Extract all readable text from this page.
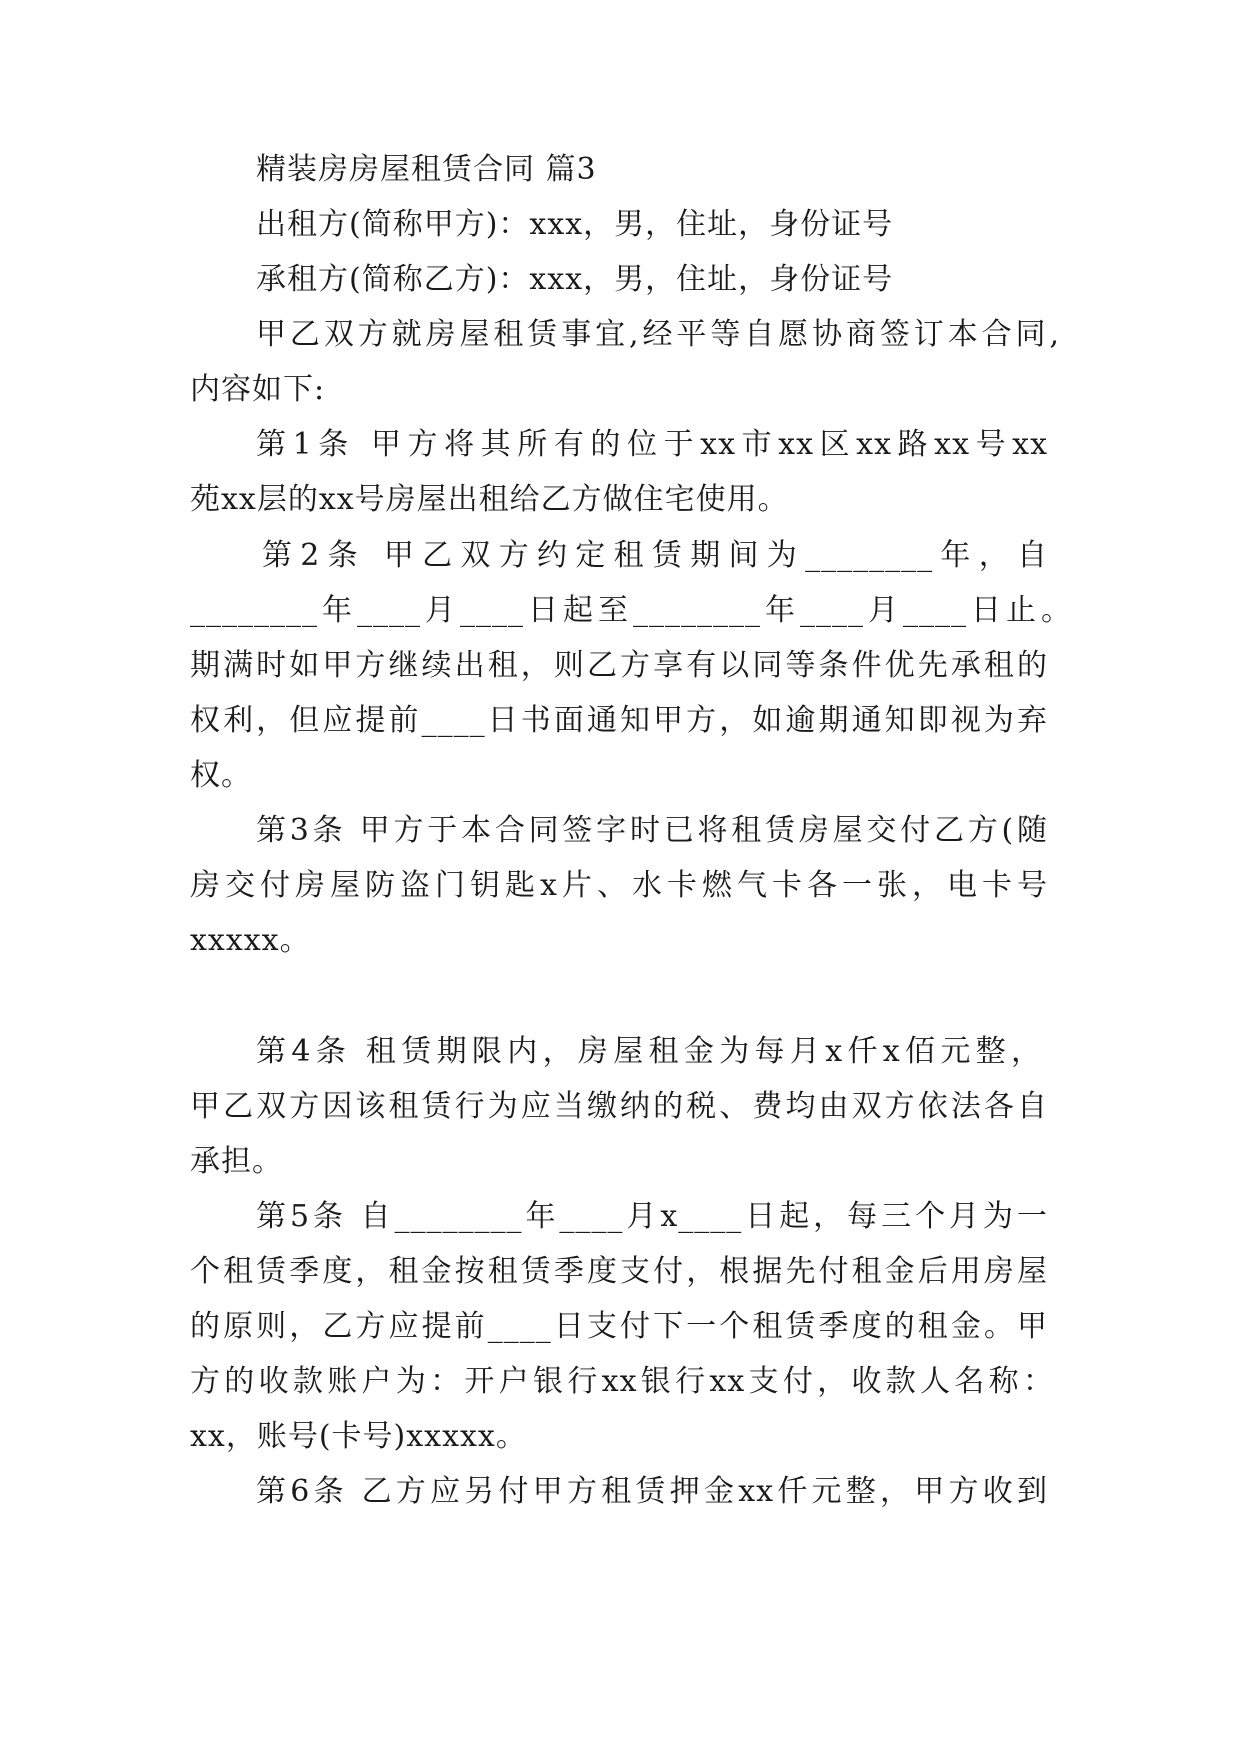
精装房房屋租赁合同 篇3
出租方(简称甲方)：xxx，男，住址，身份证号
承租方(简称乙方)：xxx，男，住址，身份证号
甲乙双方就房屋租赁事宜,经平等自愿协商签订本合同,
内容如下:
第1条 甲方将其所有的位于xx市xx区xx路xx号xx
苑xx层的xx号房屋出租给乙方做住宅使用。
第2条 甲乙双方约定租赁期间为________年，自
________年____月____日起至________年____月____日止。
期满时如甲方继续出租，则乙方享有以同等条件优先承租的
权利，但应提前____日书面通知甲方，如逾期通知即视为弃
权。
第3条 甲方于本合同签字时已将租赁房屋交付乙方(随
房交付房屋防盗门钥匙x片、水卡燃气卡各一张，电卡号
xxxxx。
第4条 租赁期限内，房屋租金为每月x仟x佰元整，
甲乙双方因该租赁行为应当缴纳的税、费均由双方依法各自
承担。
第5条 自________年____月x____日起，每三个月为一
个租赁季度，租金按租赁季度支付，根据先付租金后用房屋
的原则，乙方应提前____日支付下一个租赁季度的租金。甲
方的收款账户为：开户银行xx银行xx支付，收款人名称：
xx，账号(卡号)xxxxx。
第6条 乙方应另付甲方租赁押金xx仟元整，甲方收到
